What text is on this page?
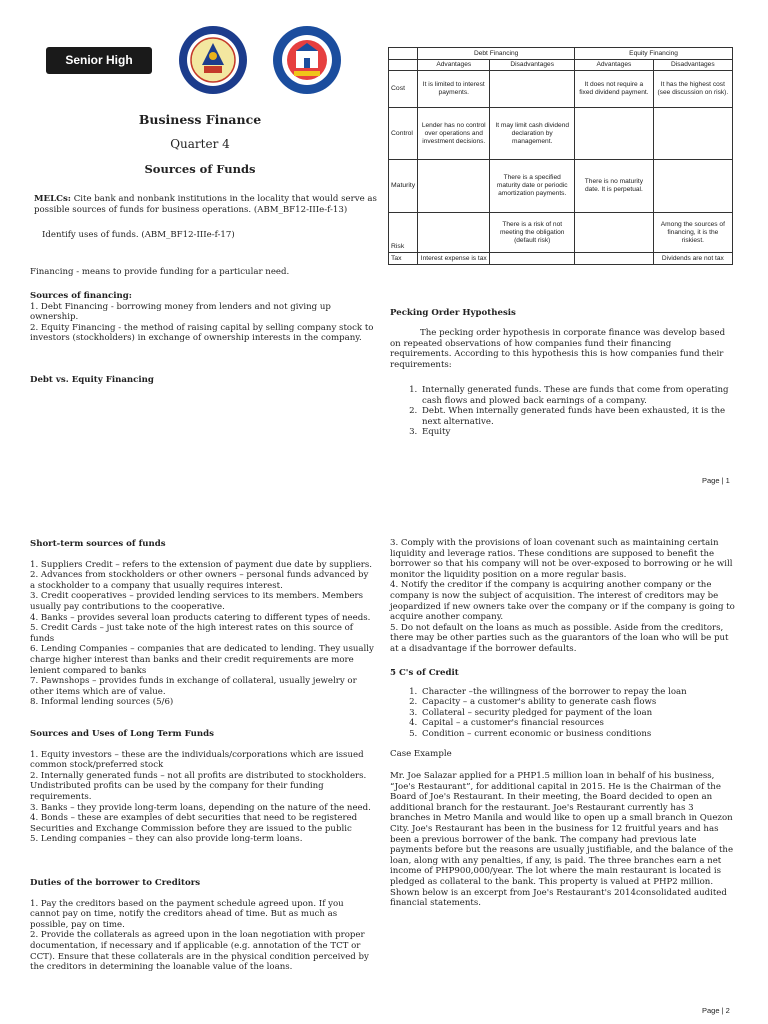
Senior High School
Business Finance
Quarter 4
Sources of Funds

MELCs: Cite bank and nonbank institutions in the locality that would serve as possible sources of funds for business operations. (ABM_BF12-IIIe-f-13)

Identify uses of funds. (ABM_BF12-IIIe-f-17)
Financing - means to provide funding for a particular need.

Sources of financing:

1. Debt Financing - borrowing money from lenders and not giving up ownership.

2. Equity Financing - the method of raising capital by selling company stock to investors (stockholders) in exchange of ownership interests in the company.

Debt vs. Equity Financing
	Debt Financing		Equity Financing	
	Advantages	Disadvantages	Advantages	Disadvantages
Cost	It is limited to interest payments.		It does not require a fixed dividend payment.	It has the highest cost (see discussion on risk).
Control	Lender has no control over operations and investment decisions.	It may limit cash dividend declaration by management.		
Maturity		There is a specified maturity date or periodic amortization payments.	There is no maturity date. It is perpetual.	
Risk		There is a risk of not meeting the obligation (default risk)		Among the sources of financing, it is the riskiest.
Tax	Interest expense is tax			Dividends are not tax
Pecking Order Hypothesis
The pecking order hypothesis in corporate finance was develop based on repeated observations of how companies fund their financing requirements. According to this hypothesis this is how companies fund their requirements:
1. Internally generated funds. These are funds that come from operating cash flows and plowed back earnings of a company.
2. Debt. When internally generated funds have been exhausted, it is the next alternative.
3. Equity
Page | 1

Short-term sources of funds

1. Suppliers Credit – refers to the extension of payment due date by suppliers.

2. Advances from stockholders or other owners – personal funds advanced by a stockholder to a company that usually requires interest.

3. Credit cooperatives – provided lending services to its members. Members usually pay contributions to the cooperative.

4. Banks – provides several loan products catering to different types of needs.

5. Credit Cards – just take note of the high interest rates on this source of funds

6. Lending Companies – companies that are dedicated to lending. They usually charge higher interest than banks and their credit requirements are more lenient compared to banks

7. Pawnshops – provides funds in exchange of collateral, usually jewelry or other items which are of value.

8. Informal lending sources (5/6)

Sources and Uses of Long Term Funds

1. Equity investors – these are the individuals/corporations which are issued common stock/preferred stock

2. Internally generated funds – not all profits are distributed to stockholders. Undistributed profits can be used by the company for their funding requirements.

3. Banks – they provide long-term loans, depending on the nature of the need.

4. Bonds – these are examples of debt securities that need to be registered Securities and Exchange Commission before they are issued to the public

5. Lending companies – they can also provide long-term loans.

Duties of the borrower to Creditors

1. Pay the creditors based on the payment schedule agreed upon. If you cannot pay on time, notify the creditors ahead of time. But as much as possible, pay on time.

2. Provide the collaterals as agreed upon in the loan negotiation with proper documentation, if necessary and if applicable (e.g. annotation of the TCT or CCT). Ensure that these collaterals are in the physical condition perceived by the creditors in determining the loanable value of the loans.

3. Comply with the provisions of loan covenant such as maintaining certain liquidity and leverage ratios. These conditions are supposed to benefit the borrower so that his company will not be over-exposed to borrowing or he will monitor the liquidity position on a more regular basis.

4. Notify the creditor if the company is acquiring another company or the company is now the subject of acquisition. The interest of creditors may be jeopardized if new owners take over the company or if the company is going to acquire another company.

5. Do not default on the loans as much as possible. Aside from the creditors, there may be other parties such as the guarantors of the loan who will be put at a disadvantage if the borrower defaults.

5 C's of Credit

1. Character –the willingness of the borrower to repay the loan
2. Capacity – a customer's ability to generate cash flows
3. Collateral – security pledged for payment of the loan
4. Capital – a customer's financial resources
5. Condition – current economic or business conditions
Case Example
Mr. Joe Salazar applied for a PHP1.5 million loan in behalf of his business, “Joe's Restaurant”, for additional capital in 2015. He is the Chairman of the Board of Joe's Restaurant. In their meeting, the Board decided to open an additional branch for the restaurant. Joe's Restaurant currently has 3 branches in Metro Manila and would like to open up a small branch in Quezon City. Joe's Restaurant has been in the business for 12 fruitful years and has been a previous borrower of the bank. The company had previous late payments before but the reasons are usually justifiable, and the balance of the loan, along with any penalties, if any, is paid. The three branches earn a net income of PHP900,000/year. The lot where the main restaurant is located is pledged as collateral to the bank. This property is valued at PHP2 million. Shown below is an excerpt from Joe's Restaurant's 2014consolidated audited financial statements.
Page | 2
